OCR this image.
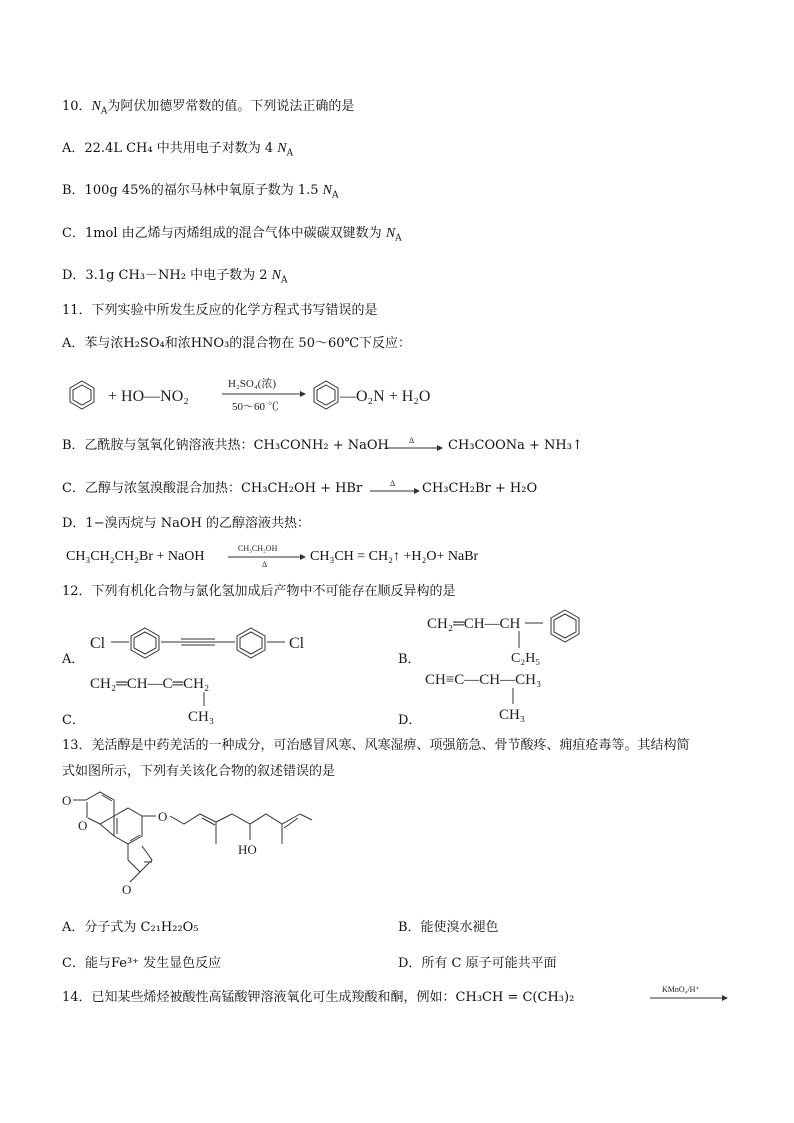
10．$N_A$为阿伏加德罗常数的值。下列说法正确的是
A．22.4L CH₄ 中共用电子对数为 4 $N_A$
B．100g 45%的福尔马林中氧原子数为 1.5 $N_A$
C．1mol 由乙烯与丙烯组成的混合气体中碳碳双键数为 $N_A$
D．3.1g CH₃－NH₂ 中电子数为 2 $N_A$
11．下列实验中所发生反应的化学方程式书写错误的是
A．苯与浓H₂SO₄和浓HNO₃的混合物在 50～60℃下反应：
+ HO—NO₂
H₂SO₄(浓)
50～60 ℃
—O₂N + H₂O
B．乙酰胺与氢氧化钠溶液共热：CH₃CONH₂ + NaOH	Δ	CH₃COONa + NH₃↑
C．乙醇与浓氢溴酸混合加热：CH₃CH₂OH + HBr	Δ CH₃CH₂Br + H₂O
D．1−溴丙烷与 NaOH 的乙醇溶液共热：
CH₃CH₂CH₂Br + NaOH
CH₃CH₂OH
Δ
CH₃CH = CH₂↑ +H₂O+ NaBr
12．下列有机化合物与氯化氢加成后产物中不可能存在顺反异构的是
Cl	Cl
A．
CH₂═CH—CH
C₂H₅
B．
CH₂═CH—C═CH₂
CH₃
C．
CH≡C—CH—CH₃
CH₃
D．
13．羌活醇是中药羌活的一种成分，可治感冒风寒、风寒湿痹、项强筋急、骨节酸疼、痈疽疮毒等。其结构简
式如图所示，下列有关该化合物的叙述错误的是
O
O
O
O
HO
A．分子式为 C₂₁H₂₂O₅	B．能使溴水褪色
C．能与Fe³⁺ 发生显色反应	D．所有 C 原子可能共平面
14．已知某些烯烃被酸性高锰酸钾溶液氧化可生成羧酸和酮，例如：CH₃CH = C(CH₃)₂
KMnO₄/H⁺
